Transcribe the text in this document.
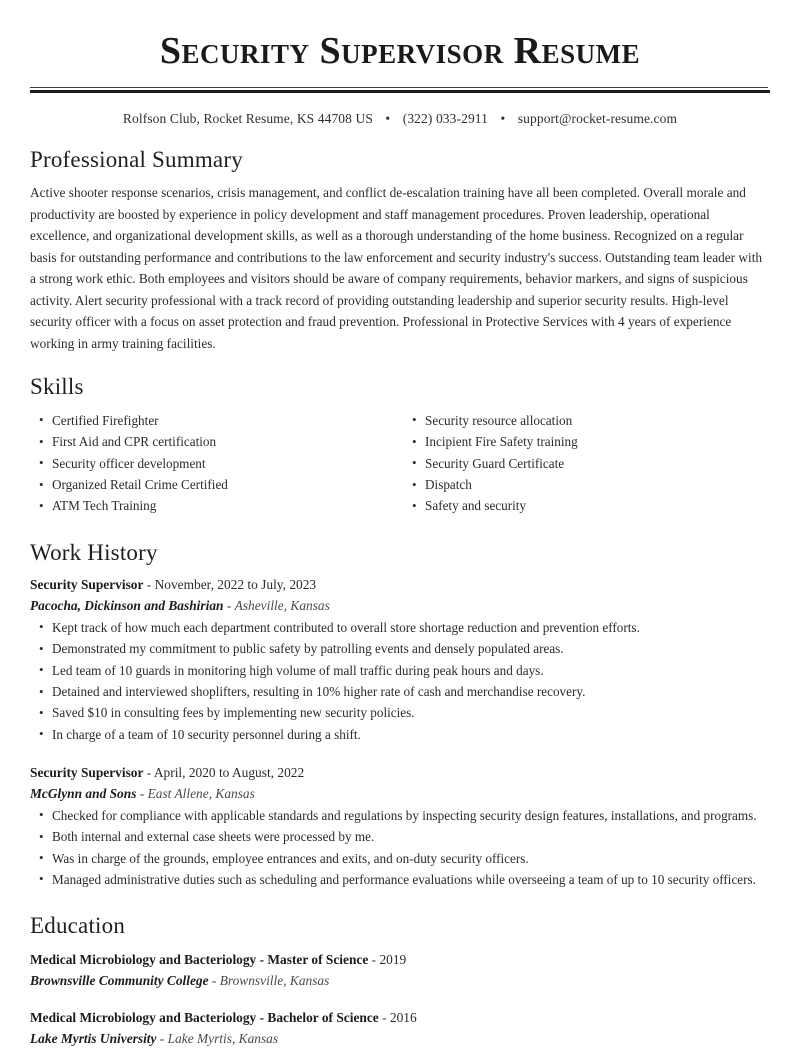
Security Supervisor Resume
Rolfson Club, Rocket Resume, KS 44708 US • (322) 033-2911 • support@rocket-resume.com
Professional Summary

Active shooter response scenarios, crisis management, and conflict de-escalation training have all been completed. Overall morale and productivity are boosted by experience in policy development and staff management procedures. Proven leadership, operational excellence, and organizational development skills, as well as a thorough understanding of the home business. Recognized on a regular basis for outstanding performance and contributions to the law enforcement and security industry's success. Outstanding team leader with a strong work ethic. Both employees and visitors should be aware of company requirements, behavior markers, and signs of suspicious activity. Alert security professional with a track record of providing outstanding leadership and superior security results. High-level security officer with a focus on asset protection and fraud prevention. Professional in Protective Services with 4 years of experience working in army training facilities.

Skills
• Certified Firefighter
• First Aid and CPR certification
• Security officer development
• Organized Retail Crime Certified
• ATM Tech Training
• Security resource allocation
• Incipient Fire Safety training
• Security Guard Certificate
• Dispatch
• Safety and security
Work History
Security Supervisor - November, 2022 to July, 2023
Pacocha, Dickinson and Bashirian - Asheville, Kansas
• Kept track of how much each department contributed to overall store shortage reduction and prevention efforts.
• Demonstrated my commitment to public safety by patrolling events and densely populated areas.
• Led team of 10 guards in monitoring high volume of mall traffic during peak hours and days.
• Detained and interviewed shoplifters, resulting in 10% higher rate of cash and merchandise recovery.
• Saved $10 in consulting fees by implementing new security policies.
• In charge of a team of 10 security personnel during a shift.
Security Supervisor - April, 2020 to August, 2022
McGlynn and Sons - East Allene, Kansas
• Checked for compliance with applicable standards and regulations by inspecting security design features, installations, and programs.
• Both internal and external case sheets were processed by me.
• Was in charge of the grounds, employee entrances and exits, and on-duty security officers.
• Managed administrative duties such as scheduling and performance evaluations while overseeing a team of up to 10 security officers.
Education
Medical Microbiology and Bacteriology - Master of Science - 2019
Brownsville Community College - Brownsville, Kansas
Medical Microbiology and Bacteriology - Bachelor of Science - 2016
Lake Myrtis University - Lake Myrtis, Kansas
